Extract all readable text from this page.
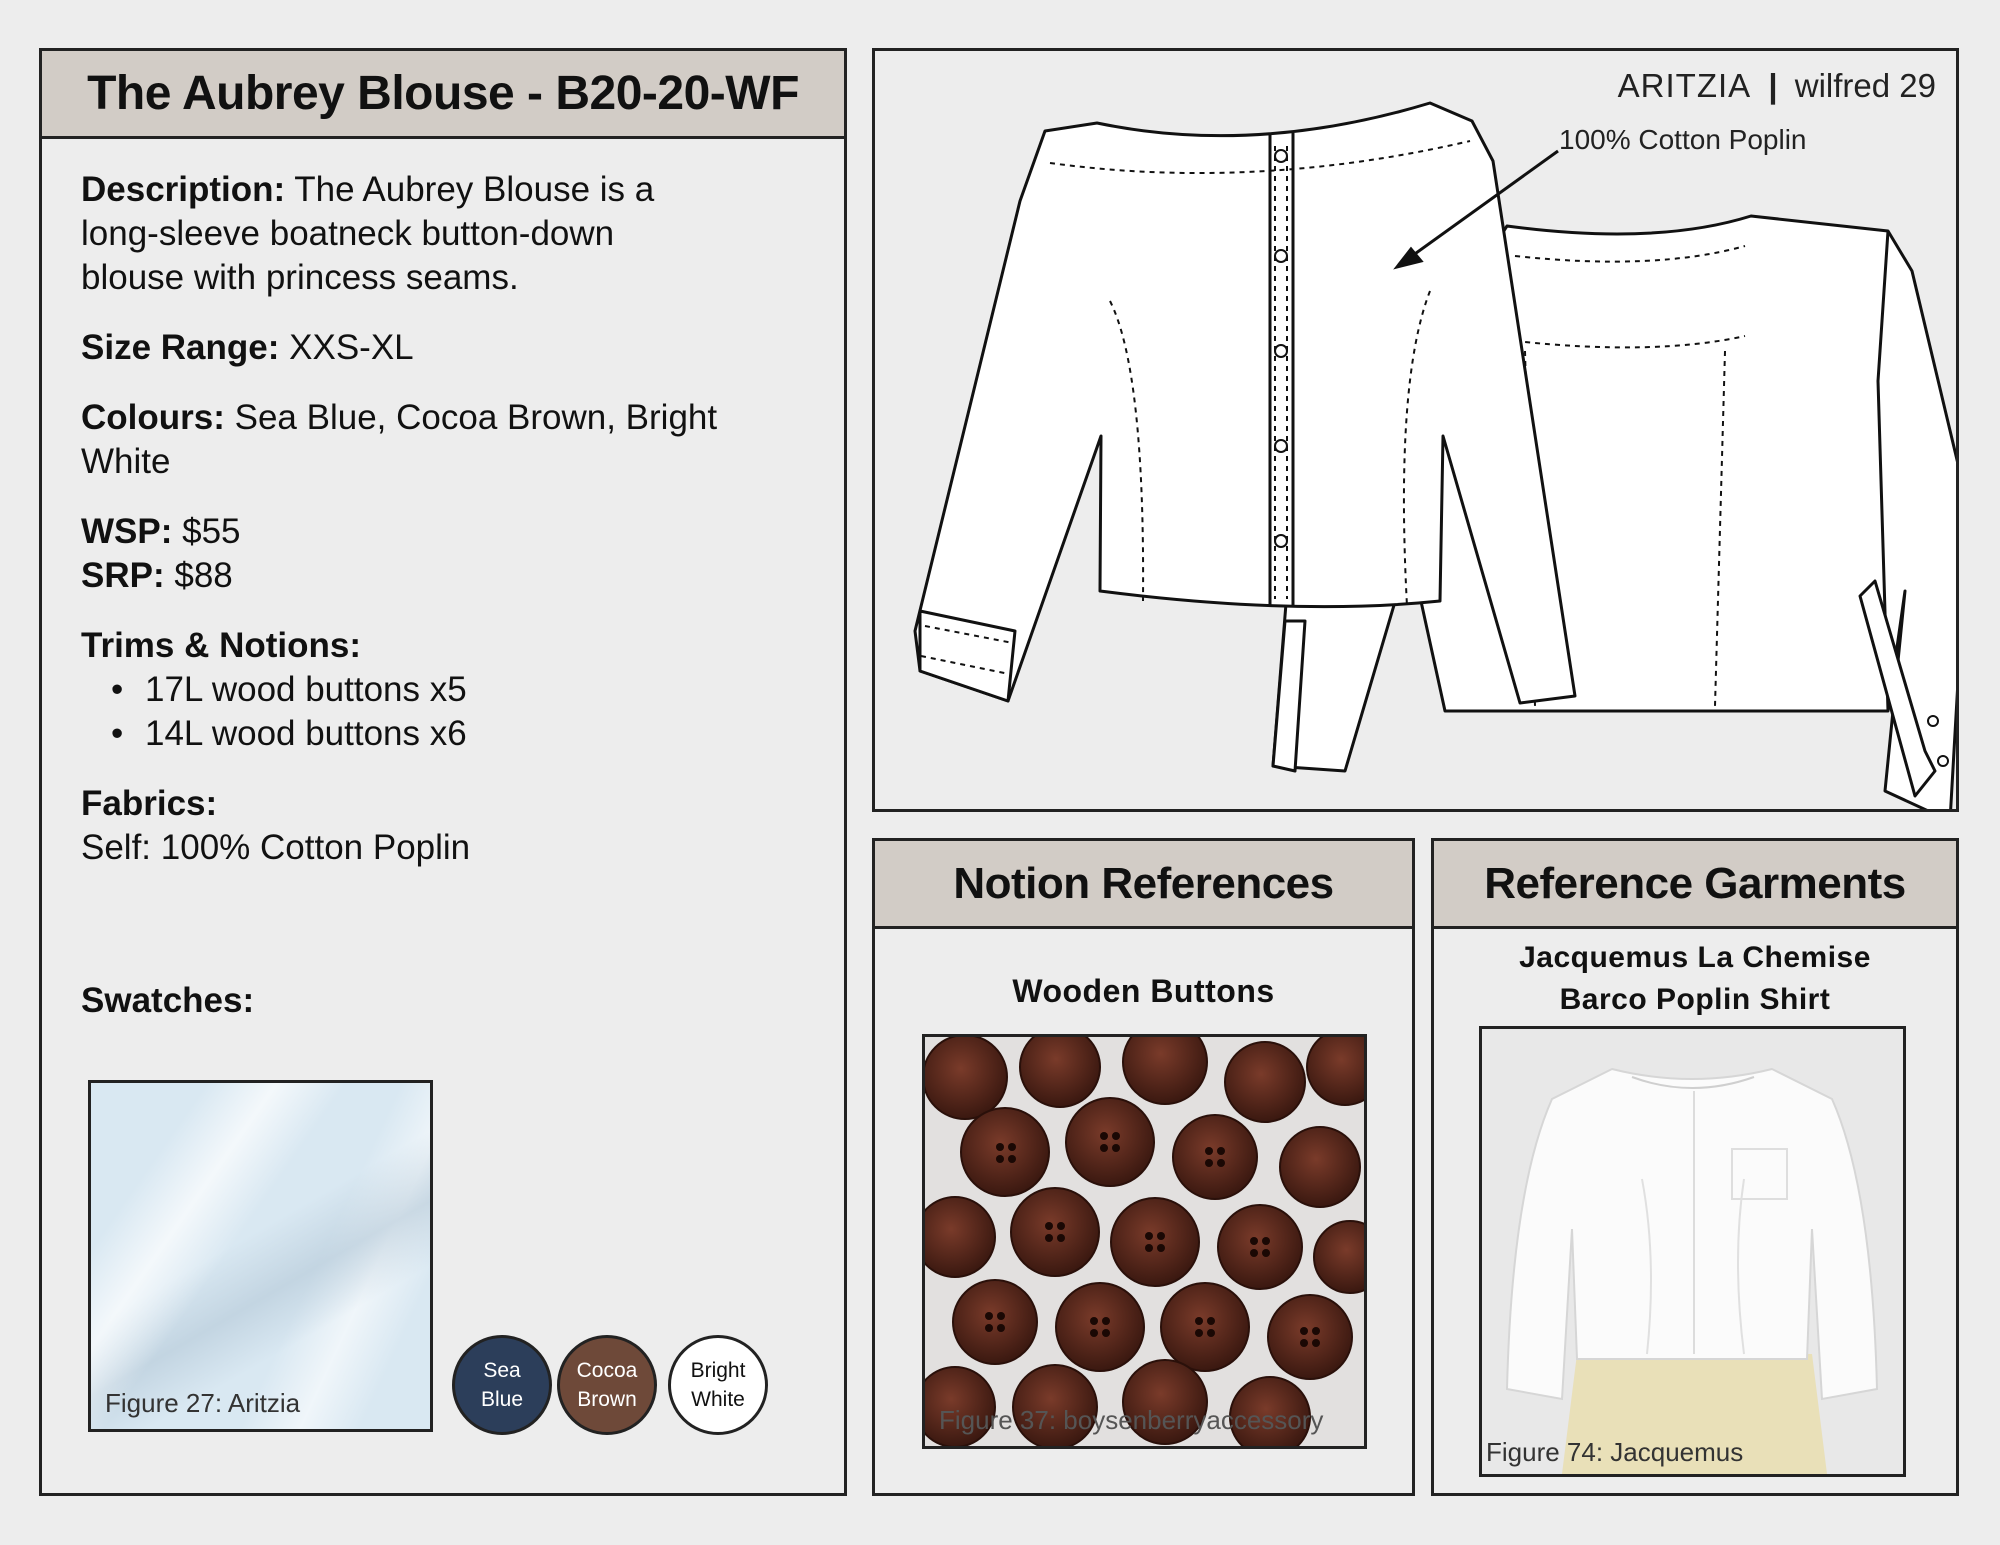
The Aubrey Blouse - B20-20-WF

Description: The Aubrey Blouse is a long-sleeve boatneck button-down blouse with princess seams.

Size Range: XXS-XL

Colours: Sea Blue, Cocoa Brown, Bright White

WSP: $55

SRP: $88

Trims & Notions:

• 17L wood buttons x5
• 14L wood buttons x6

Fabrics:

Self: 100% Cotton Poplin

Swatches:
Figure 27: Aritzia
Sea Blue
Cocoa Brown
Bright White
ARITZIA | wilfred 29
100% Cotton Poplin
Notion References
Wooden Buttons
Figure 37: boysenberryaccessory
Reference Garments
Jacquemus La Chemise
Barco Poplin Shirt
Figure 74: Jacquemus
